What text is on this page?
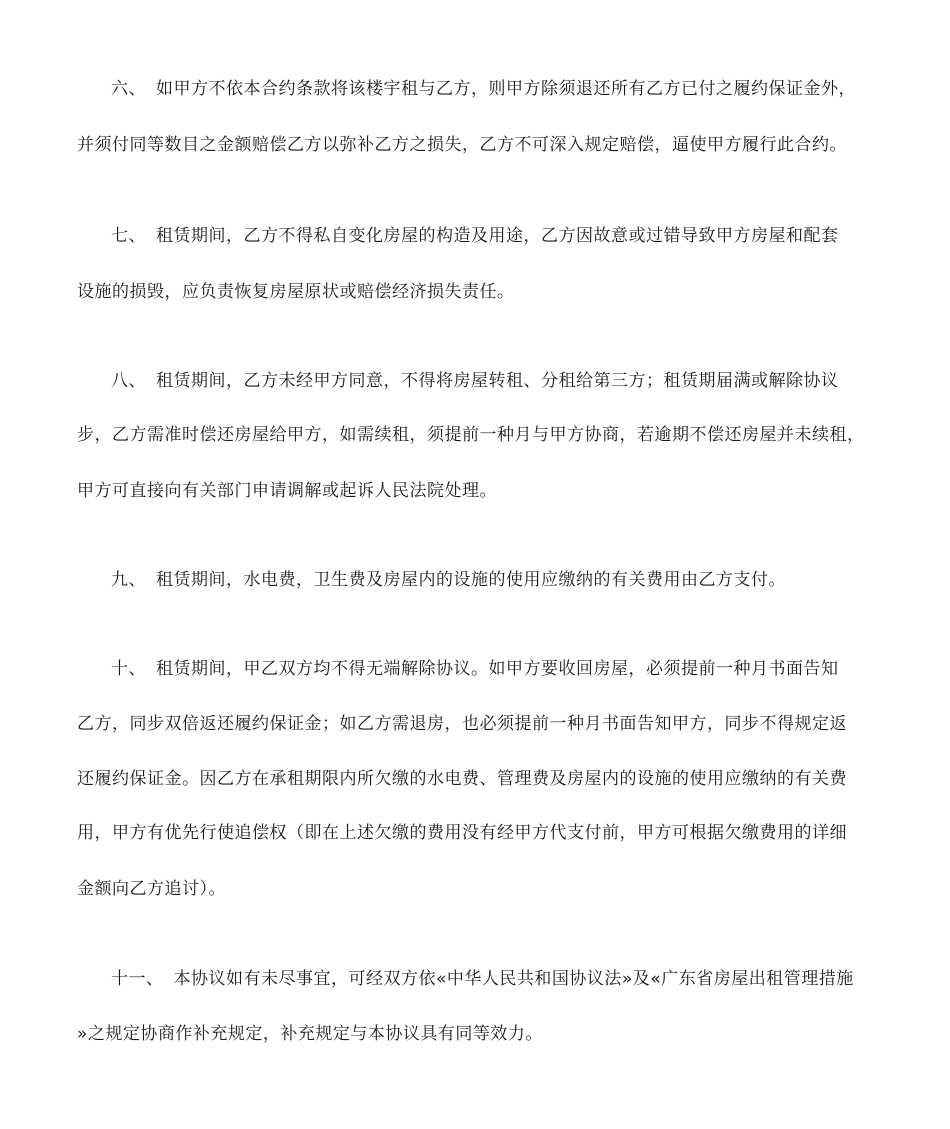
六、 如甲方不依本合约条款将该楼宇租与乙方，则甲方除须退还所有乙方已付之履约保证金外，

并须付同等数目之金额赔偿乙方以弥补乙方之损失，乙方不可深入规定赔偿，逼使甲方履行此合约。

七、 租赁期间，乙方不得私自变化房屋的构造及用途，乙方因故意或过错导致甲方房屋和配套

设施的损毁，应负责恢复房屋原状或赔偿经济损失责任。

八、 租赁期间，乙方未经甲方同意，不得将房屋转租、分租给第三方；租赁期届满或解除协议

步，乙方需准时偿还房屋给甲方，如需续租，须提前一种月与甲方协商，若逾期不偿还房屋并未续租，

甲方可直接向有关部门申请调解或起诉人民法院处理。

九、 租赁期间，水电费，卫生费及房屋内的设施的使用应缴纳的有关费用由乙方支付。

十、 租赁期间，甲乙双方均不得无端解除协议。如甲方要收回房屋，必须提前一种月书面告知

乙方，同步双倍返还履约保证金；如乙方需退房，也必须提前一种月书面告知甲方，同步不得规定返

还履约保证金。因乙方在承租期限内所欠缴的水电费、管理费及房屋内的设施的使用应缴纳的有关费

用，甲方有优先行使追偿权（即在上述欠缴的费用没有经甲方代支付前，甲方可根据欠缴费用的详细

金额向乙方追讨）。

十一、 本协议如有未尽事宜，可经双方依«中华人民共和国协议法»及«广东省房屋出租管理措施

»之规定协商作补充规定，补充规定与本协议具有同等效力。
